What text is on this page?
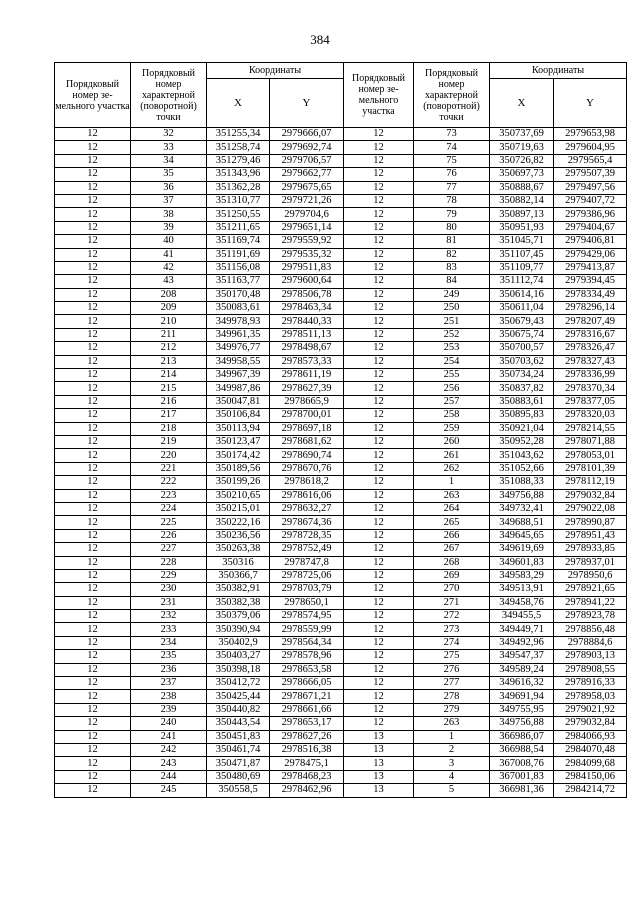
384
Порядковый номер зе-мельного участка	Порядковый номер характерной (поворотной) точки	Координаты		Порядковый номер зе-мельного участка	Порядковый номер характерной (поворотной) точки	Координаты	
		X	Y			X	Y
12	32	351255,34	2979666,07	12	73	350737,69	2979653,98
12	33	351258,74	2979692,74	12	74	350719,63	2979604,95
12	34	351279,46	2979706,57	12	75	350726,82	2979565,4
12	35	351343,96	2979662,77	12	76	350697,73	2979507,39
12	36	351362,28	2979675,65	12	77	350888,67	2979497,56
12	37	351310,77	2979721,26	12	78	350882,14	2979407,72
12	38	351250,55	2979704,6	12	79	350897,13	2979386,96
12	39	351211,65	2979651,14	12	80	350951,93	2979404,67
12	40	351169,74	2979559,92	12	81	351045,71	2979406,81
12	41	351191,69	2979535,32	12	82	351107,45	2979429,06
12	42	351156,08	2979511,83	12	83	351109,77	2979413,87
12	43	351163,77	2979600,64	12	84	351112,74	2979394,45
12	208	350170,48	2978506,78	12	249	350614,16	2978334,49
12	209	350083,61	2978463,34	12	250	350611,04	2978296,14
12	210	349978,93	2978440,33	12	251	350679,43	2978207,49
12	211	349961,35	2978511,13	12	252	350675,74	2978316,67
12	212	349976,77	2978498,67	12	253	350700,57	2978326,47
12	213	349958,55	2978573,33	12	254	350703,62	2978327,43
12	214	349967,39	2978611,19	12	255	350734,24	2978336,99
12	215	349987,86	2978627,39	12	256	350837,82	2978370,34
12	216	350047,81	2978665,9	12	257	350883,61	2978377,05
12	217	350106,84	2978700,01	12	258	350895,83	2978320,03
12	218	350113,94	2978697,18	12	259	350921,04	2978214,55
12	219	350123,47	2978681,62	12	260	350952,28	2978071,88
12	220	350174,42	2978690,74	12	261	351043,62	2978053,01
12	221	350189,56	2978670,76	12	262	351052,66	2978101,39
12	222	350199,26	2978618,2	12	1	351088,33	2978112,19
12	223	350210,65	2978616,06	12	263	349756,88	2979032,84
12	224	350215,01	2978632,27	12	264	349732,41	2979022,08
12	225	350222,16	2978674,36	12	265	349688,51	2978990,87
12	226	350236,56	2978728,35	12	266	349645,65	2978951,43
12	227	350263,38	2978752,49	12	267	349619,69	2978933,85
12	228	350316	2978747,8	12	268	349601,83	2978937,01
12	229	350366,7	2978725,06	12	269	349583,29	2978950,6
12	230	350382,91	2978703,79	12	270	349513,91	2978921,65
12	231	350382,38	2978650,1	12	271	349458,76	2978941,22
12	232	350379,06	2978574,95	12	272	349455,5	2978923,78
12	233	350390,94	2978559,99	12	273	349449,71	2978856,48
12	234	350402,9	2978564,34	12	274	349492,96	2978884,6
12	235	350403,27	2978578,96	12	275	349547,37	2978903,13
12	236	350398,18	2978653,58	12	276	349589,24	2978908,55
12	237	350412,72	2978666,05	12	277	349616,32	2978916,33
12	238	350425,44	2978671,21	12	278	349691,94	2978958,03
12	239	350440,82	2978661,66	12	279	349755,95	2979021,92
12	240	350443,54	2978653,17	12	263	349756,88	2979032,84
12	241	350451,83	2978627,26	13	1	366986,07	2984066,93
12	242	350461,74	2978516,38	13	2	366988,54	2984070,48
12	243	350471,87	2978475,1	13	3	367008,76	2984099,68
12	244	350480,69	2978468,23	13	4	367001,83	2984150,06
12	245	350558,5	2978462,96	13	5	366981,36	2984214,72
